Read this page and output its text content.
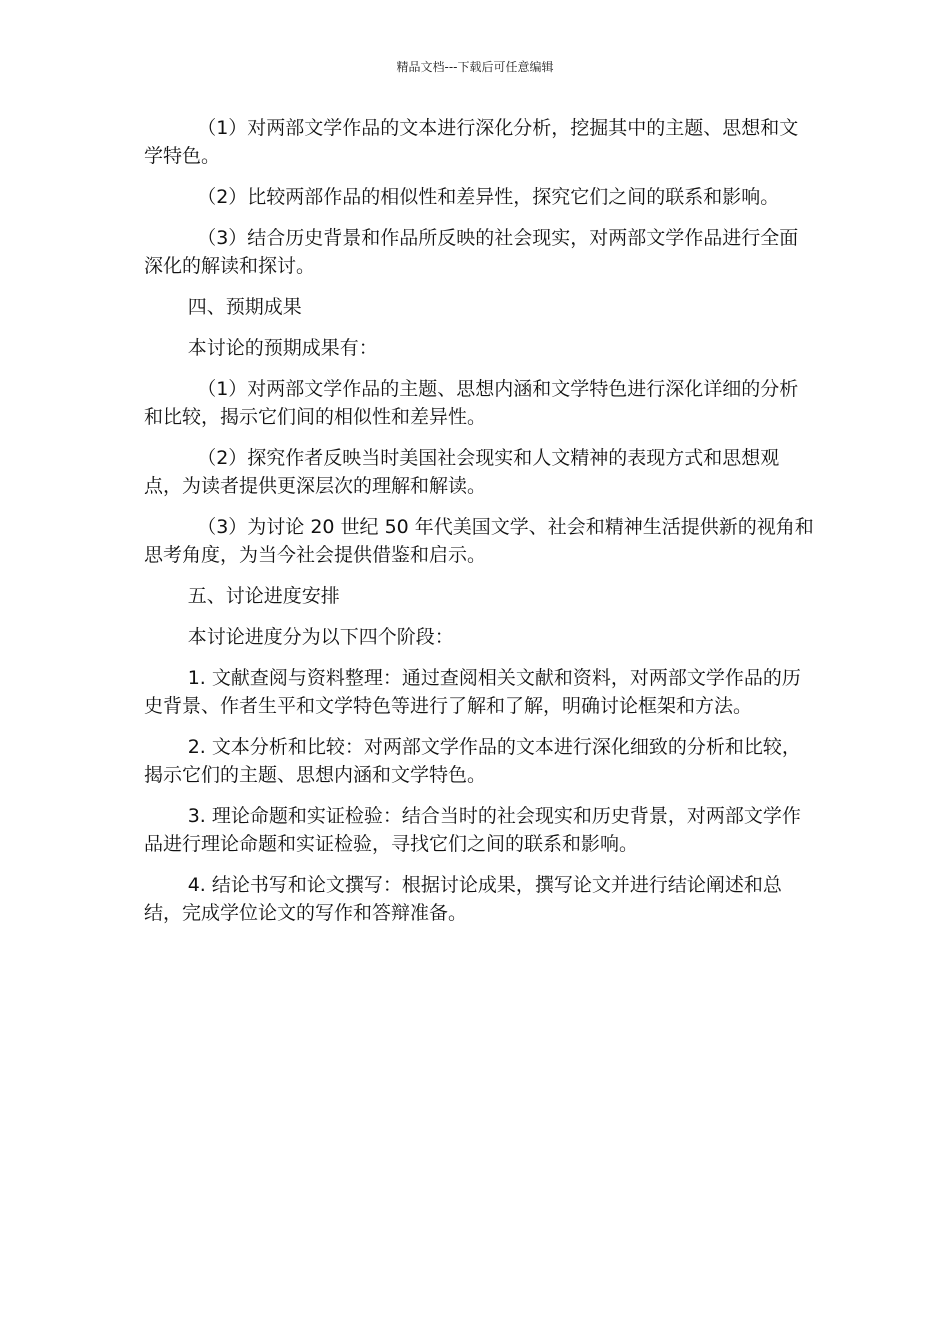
精品文档---下载后可任意编辑

（1）对两部文学作品的文本进行深化分析，挖掘其中的主题、思想和文学特色。

（2）比较两部作品的相似性和差异性，探究它们之间的联系和影响。

（3）结合历史背景和作品所反映的社会现实，对两部文学作品进行全面深化的解读和探讨。

四、预期成果

本讨论的预期成果有：

（1）对两部文学作品的主题、思想内涵和文学特色进行深化详细的分析和比较，揭示它们间的相似性和差异性。

（2）探究作者反映当时美国社会现实和人文精神的表现方式和思想观点，为读者提供更深层次的理解和解读。

（3）为讨论 20 世纪 50 年代美国文学、社会和精神生活提供新的视角和思考角度，为当今社会提供借鉴和启示。

五、讨论进度安排

本讨论进度分为以下四个阶段：

1. 文献查阅与资料整理：通过查阅相关文献和资料，对两部文学作品的历史背景、作者生平和文学特色等进行了解和了解，明确讨论框架和方法。

2. 文本分析和比较：对两部文学作品的文本进行深化细致的分析和比较，揭示它们的主题、思想内涵和文学特色。

3. 理论命题和实证检验：结合当时的社会现实和历史背景，对两部文学作品进行理论命题和实证检验，寻找它们之间的联系和影响。

4. 结论书写和论文撰写：根据讨论成果，撰写论文并进行结论阐述和总结，完成学位论文的写作和答辩准备。
